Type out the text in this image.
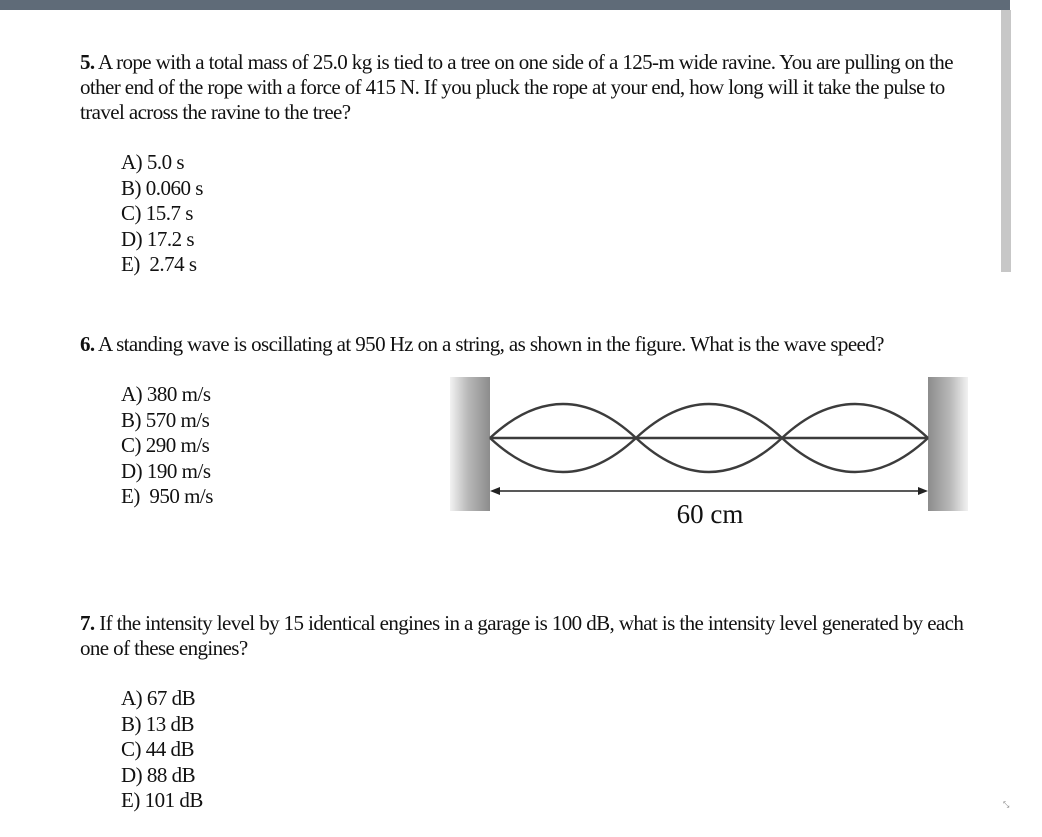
5. A rope with a total mass of 25.0 kg is tied to a tree on one side of a 125-m wide ravine. You are pulling on the other end of the rope with a force of 415 N. If you pluck the rope at your end, how long will it take the pulse to travel across the ravine to the tree?

A) 5.0 s
B) 0.060 s
C) 15.7 s
D) 17.2 s
E)  2.74 s

6. A standing wave is oscillating at 950 Hz on a string, as shown in the figure. What is the wave speed?

A) 380 m/s
B) 570 m/s
C) 290 m/s
D) 190 m/s
E)  950 m/s
60 cm

7. If the intensity level by 15 identical engines in a garage is 100 dB, what is the intensity level generated by each one of these engines?

A) 67 dB
B) 13 dB
C) 44 dB
D) 88 dB
E) 101 dB	⤡
